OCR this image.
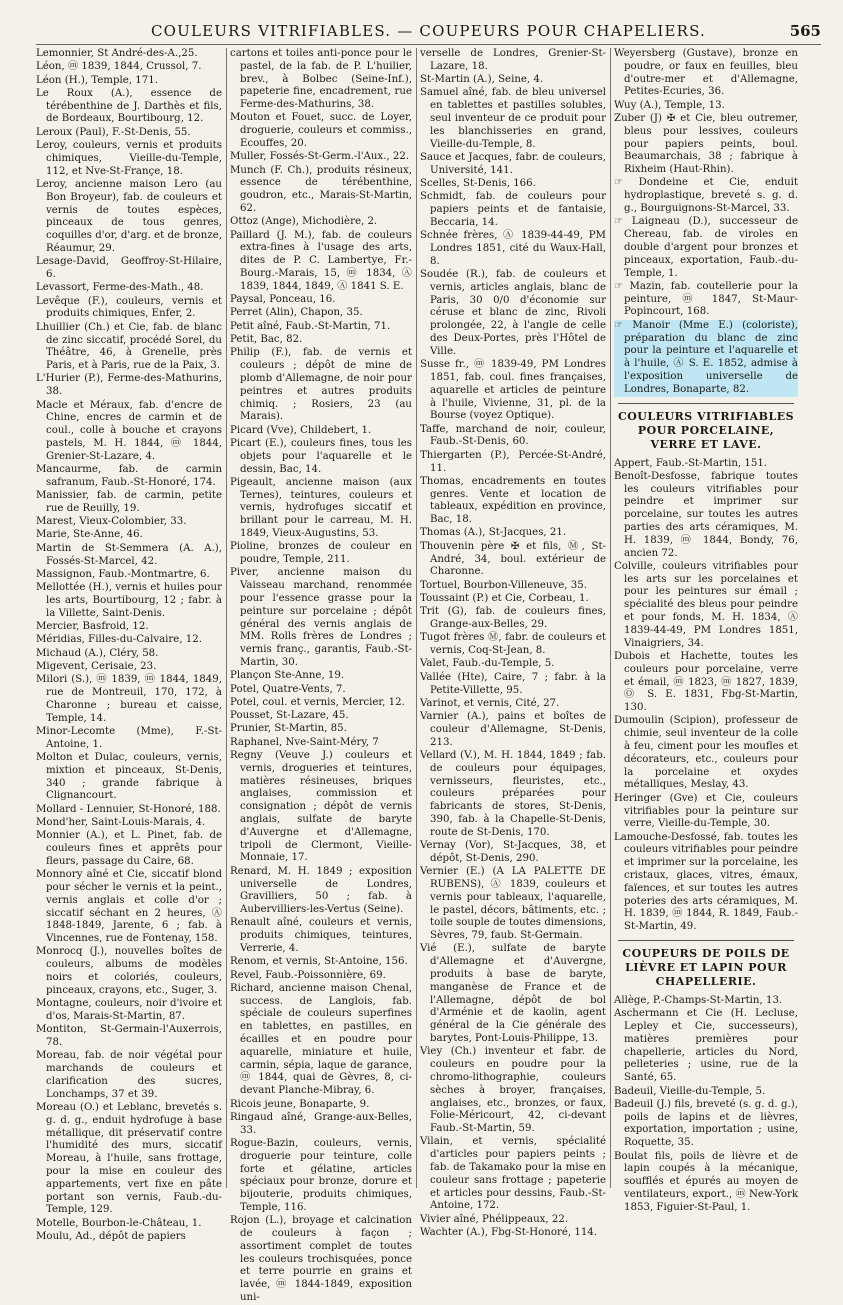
COULEURS VITRIFIABLES. — COUPEURS POUR CHAPELIERS.	565
Lemonnier, St André-des-A.,25.
Léon, ⓜ 1839, 1844, Crussol, 7.
Léon (H.), Temple, 171.
Le Roux (A.), essence de térébenthine de J. Darthès et fils, de Bordeaux, Bourtibourg, 12.
Leroux (Paul), F.-St-Denis, 55.
Leroy, couleurs, vernis et produits chimiques, Vieille-du-Temple, 112, et Nve-St-Françe, 18.
Leroy, ancienne maison Lero (au Bon Broyeur), fab. de couleurs et vernis de toutes espèces, pinceaux de tous genres, coquilles d'or, d'arg. et de bronze, Réaumur, 29.
Lesage-David, Geoffroy-St-Hilaire, 6.
Levassort, Ferme-des-Math., 48.
Levêque (F.), couleurs, vernis et produits chimiques, Enfer, 2.
Lhuillier (Ch.) et Cie, fab. de blanc de zinc siccatif, procédé Sorel, du Théâtre, 46, à Grenelle, près Paris, et à Paris, rue de la Paix, 3.
L'Hurier (P.), Ferme-des-Mathurins, 38.
Macle et Méraux, fab. d'encre de Chine, encres de carmin et de coul., colle à bouche et crayons pastels, M. H. 1844, ⓜ 1844, Grenier-St-Lazare, 4.
Mancaurme, fab. de carmin safranum, Faub.-St-Honoré, 174.
Manissier, fab. de carmin, petite rue de Reuilly, 19.
Marest, Vieux-Colombier, 33.
Marie, Ste-Anne, 46.
Martin de St-Semmera (A. A.), Fossés-St-Marcel, 42.
Massignon, Faub.-Montmartre, 6.
Mellottée (H.), vernis et huiles pour les arts, Bourtibourg, 12 ; fabr. à la Villette, Saint-Denis.
Mercier, Basfroid, 12.
Méridias, Filles-du-Calvaire, 12.
Michaud (A.), Cléry, 58.
Migevent, Cerisaie, 23.
Milori (S.), ⓜ 1839, ⓜ 1844, 1849, rue de Montreuil, 170, 172, à Charonne ; bureau et caisse, Temple, 14.
Minor-Lecomte (Mme), F.-St-Antoine, 1.
Molton et Dulac, couleurs, vernis, mixtion et pinceaux, St-Denis, 340 ; grande fabrique à Clignancourt.
Mollard - Lennuier, St-Honoré, 188.
Mond'her, Saint-Louis-Marais, 4.
Monnier (A.), et L. Pinet, fab. de couleurs fines et apprêts pour fleurs, passage du Caire, 68.
Monnory aîné et Cie, siccatif blond pour sécher le vernis et la peint., vernis anglais et colle d'or ; siccatif séchant en 2 heures, Ⓐ 1848-1849, Jarente, 6 ; fab. à Vincennes, rue de Fontenay, 158.
Monrocq (J.), nouvelles boîtes de couleurs, albums de modèles noirs et coloriés, couleurs, pinceaux, crayons, etc., Suger, 3.
Montagne, couleurs, noir d'ivoire et d'os, Marais-St-Martin, 87.
Montiton, St-Germain-l'Auxerrois, 78.
Moreau, fab. de noir végétal pour marchands de couleurs et clarification des sucres, Lonchamps, 37 et 39.
Moreau (O.) et Leblanc, brevetés s. g. d. g., enduit hydrofuge à base métallique, dit préservatif contre l'humidité des murs, siccatif Moreau, à l'huile, sans frottage, pour la mise en couleur des appartements, vert fixe en pâte portant son vernis, Faub.-du-Temple, 129.
Motelle, Bourbon-le-Château, 1.
Moulu, Ad., dépôt de papiers
cartons et toiles anti-ponce pour le pastel, de la fab. de P. L'huilier, brev., à Bolbec (Seine-Inf.), papeterie fine, encadrement, rue Ferme-des-Mathurins, 38.
Mouton et Fouet, succ. de Loyer, droguerie, couleurs et commiss., Ecouffes, 20.
Muller, Fossés-St-Germ.-l'Aux., 22.
Munch (F. Ch.), produits résineux, essence de térébenthine, goudron, etc., Marais-St-Martin, 62.
Ottoz (Ange), Michodière, 2.
Paillard (J. M.), fab. de couleurs extra-fines à l'usage des arts, dites de P. C. Lambertye, Fr.-Bourg.-Marais, 15, ⓜ 1834, Ⓐ 1839, 1844, 1849, Ⓐ 1841 S. E.
Paysal, Ponceau, 16.
Perret (Alin), Chapon, 35.
Petit aîné, Faub.-St-Martin, 71.
Petit, Bac, 82.
Philip (F.), fab. de vernis et couleurs ; dépôt de mine de plomb d'Allemagne, de noir pour peintres et autres produits chimiq. ; Rosiers, 23 (au Marais).
Picard (Vve), Childebert, 1.
Picart (E.), couleurs fines, tous les objets pour l'aquarelle et le dessin, Bac, 14.
Pigeault, ancienne maison (aux Ternes), teintures, couleurs et vernis, hydrofuges siccatif et brillant pour le carreau, M. H. 1849, Vieux-Augustins, 53.
Pioline, bronzes de couleur en poudre, Temple, 211.
Piver, ancienne maison du Vaisseau marchand, renommée pour l'essence grasse pour la peinture sur porcelaine ; dépôt général des vernis anglais de MM. Rolls frères de Londres ; vernis franç., garantis, Faub.-St-Martin, 30.
Plançon Ste-Anne, 19.
Potel, Quatre-Vents, 7.
Potel, coul. et vernis, Mercier, 12.
Pousset, St-Lazare, 45.
Prunier, St-Martin, 85.
Raphanel, Nve-Saint-Méry, 7
Regny (Veuve J.) couleurs et vernis, drogueries et teintures, matières résineuses, briques anglaises, commission et consignation ; dépôt de vernis anglais, sulfate de baryte d'Auvergne et d'Allemagne, tripoli de Clermont, Vieille-Monnaie, 17.
Renard, M. H. 1849 ; exposition universelle de Londres, Gravilliers, 50 ; fab. à Aubervilliers-les-Vertus (Seine).
Renault aîné, couleurs et vernis, produits chimiques, teintures, Verrerie, 4.
Renom, et vernis, St-Antoine, 156.
Revel, Faub.-Poissonnière, 69.
Richard, ancienne maison Chenal, success. de Langlois, fab. spéciale de couleurs superfines en tablettes, en pastilles, en écailles et en poudre pour aquarelle, miniature et huile, carmin, sépia, laque de garance, ⓜ 1844, quai de Gèvres, 8, ci-devant Planche-Mibray, 6.
Ricois jeune, Bonaparte, 9.
Ringaud aîné, Grange-aux-Belles, 33.
Rogue-Bazin, couleurs, vernis, droguerie pour teinture, colle forte et gélatine, articles spéciaux pour bronze, dorure et bijouterie, produits chimiques, Temple, 116.
Rojon (L.), broyage et calcination de couleurs à façon ; assortiment complet de toutes les couleurs trochisquées, ponce et terre pourrie en grains et lavée, ⓜ 1844-1849, exposition uni-
verselle de Londres, Grenier-St-Lazare, 18.
St-Martin (A.), Seine, 4.
Samuel aîné, fab. de bleu universel en tablettes et pastilles solubles, seul inventeur de ce produit pour les blanchisseries en grand, Vieille-du-Temple, 8.
Sauce et Jacques, fabr. de couleurs, Université, 141.
Scelles, St-Denis, 166.
Schmidt, fab. de couleurs pour papiers peints et de fantaisie, Beccaria, 14.
Schnée frères, Ⓐ 1839-44-49, PM Londres 1851, cité du Waux-Hall, 8.
Soudée (R.), fab. de couleurs et vernis, articles anglais, blanc de Paris, 30 0/0 d'économie sur céruse et blanc de zinc, Rivoli prolongée, 22, à l'angle de celle des Deux-Portes, près l'Hôtel de Ville.
Susse fr., ⓜ 1839-49, PM Londres 1851, fab. coul. fines françaises, aquarelle et articles de peinture à l'huile, Vivienne, 31, pl. de la Bourse (voyez Optique).
Taffe, marchand de noir, couleur, Faub.-St-Denis, 60.
Thiergarten (P.), Percée-St-André, 11.
Thomas, encadrements en toutes genres. Vente et location de tableaux, expédition en province, Bac, 18.
Thomas (A.), St-Jacques, 21.
Thouvenin père ✠ et fils, Ⓜ, St-André, 34, boul. extérieur de Charonne.
Tortuel, Bourbon-Villeneuve, 35.
Toussaint (P.) et Cie, Corbeau, 1.
Trit (G), fab. de couleurs fines, Grange-aux-Belles, 29.
Tugot frères Ⓜ, fabr. de couleurs et vernis, Coq-St-Jean, 8.
Valet, Faub.-du-Temple, 5.
Vallée (Hte), Caire, 7 ; fabr. à la Petite-Villette, 95.
Varinot, et vernis, Cité, 27.
Varnier (A.), pains et boîtes de couleur d'Allemagne, St-Denis, 213.
Vellard (V.), M. H. 1844, 1849 ; fab. de couleurs pour équipages, vernisseurs, fleuristes, etc., couleurs préparées pour fabricants de stores, St-Denis, 390, fab. à la Chapelle-St-Denis, route de St-Denis, 170.
Vernay (Vor), St-Jacques, 38, et dépôt, St-Denis, 290.
Vernier (E.) (A LA PALETTE DE RUBENS), Ⓐ 1839, couleurs et vernis pour tableaux, l'aquarelle, le pastel, décors, bâtiments, etc. ; toile souple de toutes dimensions, Sèvres, 79, faub. St-Germain.
Vié (E.), sulfate de baryte d'Allemagne et d'Auvergne, produits à base de baryte, manganèse de France et de l'Allemagne, dépôt de bol d'Arménie et de kaolin, agent général de la Cie générale des barytes, Pont-Louis-Philippe, 13.
Viey (Ch.) inventeur et fabr. de couleurs en poudre pour la chromo-lithographie, couleurs sèches à broyer, françaises, anglaises, etc., bronzes, or faux, Folie-Méricourt, 42, ci-devant Faub.-St-Martin, 59.
Vilain, et vernis, spécialité d'articles pour papiers peints ; fab. de Takamako pour la mise en couleur sans frottage ; papeterie et articles pour dessins, Faub.-St-Antoine, 172.
Vivier aîné, Phélippeaux, 22.
Wachter (A.), Fbg-St-Honoré, 114.
Weyersberg (Gustave), bronze en poudre, or faux en feuilles, bleu d'outre-mer et d'Allemagne, Petites-Ecuries, 36.
Wuy (A.), Temple, 13.
Zuber (J) ✠ et Cie, bleu outremer, bleus pour lessives, couleurs pour papiers peints, boul. Beaumarchais, 38 ; fabrique à Rixheim (Haut-Rhin).
☞ Dondeine et Cie, enduit hydroplastique, breveté s. g. d. g., Bourguignons-St-Marcel, 33.
☞ Laigneau (D.), successeur de Chereau, fab. de viroles en double d'argent pour bronzes et pinceaux, exportation, Faub.-du-Temple, 1.
☞ Mazin, fab. coutellerie pour la peinture, ⓜ 1847, St-Maur-Popincourt, 168.
☞ Manoir (Mme E.) (coloriste), préparation du blanc de zinc pour la peinture et l'aquarelle et à l'huile, Ⓐ S. E. 1852, admise à l'exposition universelle de Londres, Bonaparte, 82.
COULEURS VITRIFIABLES
POUR PORCELAINE,
VERRE ET LAVE.
Appert, Faub.-St-Martin, 151.
Benoît-Desfosse, fabrique toutes les couleurs vitrifiables pour peindre et imprimer sur porcelaine, sur toutes les autres parties des arts céramiques, M. H. 1839, ⓜ 1844, Bondy, 76, ancien 72.
Colville, couleurs vitrifiables pour les arts sur les porcelaines et pour les peintures sur émail ; spécialité des bleus pour peindre et pour fonds, M. H. 1834, Ⓐ 1839-44-49, PM Londres 1851, Vinaigriers, 34.
Dubois et Hachette, toutes les couleurs pour porcelaine, verre et émail, ⓜ 1823, ⓜ 1827, 1839, Ⓞ S. E. 1831, Fbg-St-Martin, 130.
Dumoulin (Scipion), professeur de chimie, seul inventeur de la colle à feu, ciment pour les moufles et décorateurs, etc., couleurs pour la porcelaine et oxydes métalliques, Meslay, 43.
Heringer (Gve) et Cie, couleurs vitrifiables pour la peinture sur verre, Vieille-du-Temple, 30.
Lamouche-Desfossé, fab. toutes les couleurs vitrifiables pour peindre et imprimer sur la porcelaine, les cristaux, glaces, vitres, émaux, faïences, et sur toutes les autres poteries des arts céramiques, M. H. 1839, ⓜ 1844, R. 1849, Faub.-St-Martin, 49.
COUPEURS DE POILS DE
LIÈVRE ET LAPIN POUR
CHAPELLERIE.
Allège, P.-Champs-St-Martin, 13.
Aschermann et Cie (H. Lecluse, Lepley et Cie, successeurs), matières premières pour chapellerie, articles du Nord, pelleteries ; usine, rue de la Santé, 65.
Badeuil, Vieille-du-Temple, 5.
Badeuil (J.) fils, breveté (s. g. d. g.), poils de lapins et de lièvres, exportation, importation ; usine, Roquette, 35.
Boulat fils, poils de lièvre et de lapin coupés à la mécanique, soufflés et épurés au moyen de ventilateurs, export., ⓜ New-York 1853, Figuier-St-Paul, 1.
